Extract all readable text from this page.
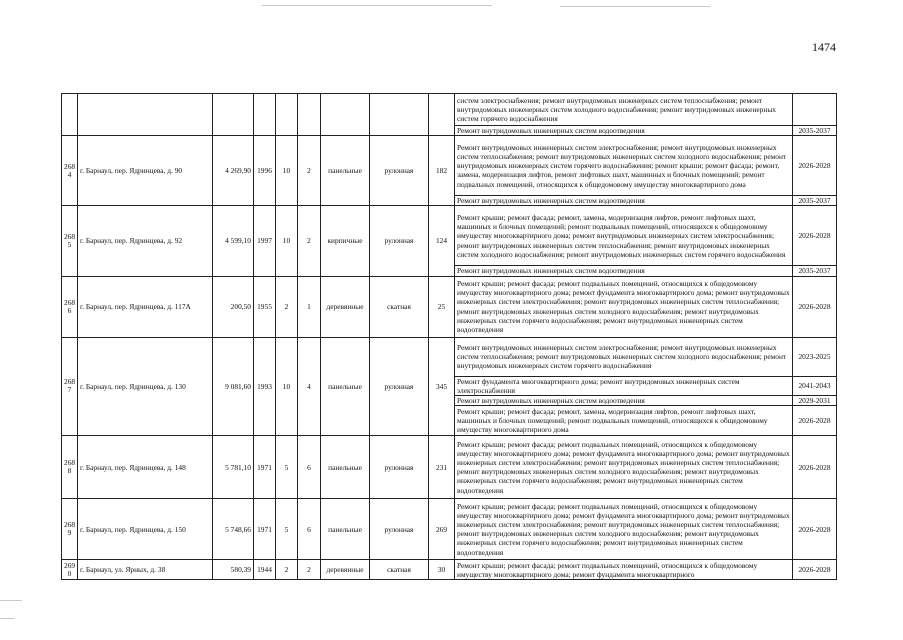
1474
									систем электроснабжения; ремонт внутридомовых инженерных систем теплоснабжения; ремонт внутридомовых инженерных систем холодного водоснабжения; ремонт внутридомовых инженерных систем горячего водоснабжения	
									Ремонт внутридомовых инженерных систем водоотведения	2035-2037

268
4	г. Барнаул, пер. Ядринцева, д. 90	4 269,90	1996	10	2	панельные	рулонная	182	Ремонт внутридомовых инженерных систем электроснабжения; ремонт внутридомовых инженерных систем теплоснабжения; ремонт внутридомовых инженерных систем холодного водоснабжения; ремонт внутридомовых инженерных систем горячего водоснабжения; ремонт крыши; ремонт фасада; ремонт, замена, модернизация лифтов, ремонт лифтовых шахт, машинных и блочных помещений; ремонт подвальных помещений, относящихся к общедомовому имуществу многоквартирного дома	2026-2028
									Ремонт внутридомовых инженерных систем водоотведения	2035-2037

268
5	г. Барнаул, пер. Ядринцева, д. 92	4 599,10	1997	10	2	кирпичные	рулонная	124	Ремонт крыши; ремонт фасада; ремонт, замена, модернизация лифтов, ремонт лифтовых шахт, машинных и блочных помещений; ремонт подвальных помещений, относящихся к общедомовому имуществу многоквартирного дома; ремонт внутридомовых инженерных систем электроснабжения; ремонт внутридомовых инженерных систем теплоснабжения; ремонт внутридомовых инженерных систем холодного водоснабжения; ремонт внутридомовых инженерных систем горячего водоснабжения	2026-2028
									Ремонт внутридомовых инженерных систем водоотведения	2035-2037

268
6	г. Барнаул, пер. Ядринцева, д. 117А	200,50	1955	2	1	деревянные	скатная	25	Ремонт крыши; ремонт фасада; ремонт подвальных помещений, относящихся к общедомовому имуществу многоквартирного дома; ремонт фундамента многоквартирного дома; ремонт внутридомовых инженерных систем электроснабжения; ремонт внутридомовых инженерных систем теплоснабжения; ремонт внутридомовых инженерных систем холодного водоснабжения; ремонт внутридомовых инженерных систем горячего водоснабжения; ремонт внутридомовых инженерных систем водоотведения	2026-2028

268
7	г. Барнаул, пер. Ядринцева, д. 130	9 081,60	1993	10	4	панельные	рулонная	345	Ремонт внутридомовых инженерных систем электроснабжения; ремонт внутридомовых инженерных систем теплоснабжения; ремонт внутридомовых инженерных систем холодного водоснабжения; ремонт внутридомовых инженерных систем горячего водоснабжения	2023-2025
									Ремонт фундамента многоквартирного дома; ремонт внутридомовых инженерных систем электроснабжения	2041-2043
									Ремонт внутридомовых инженерных систем водоотведения	2029-2031
									Ремонт крыши; ремонт фасада; ремонт, замена, модернизация лифтов, ремонт лифтовых шахт, машинных и блочных помещений; ремонт подвальных помещений, относящихся к общедомовому имуществу многоквартирного дома	2026-2028

268
8	г. Барнаул, пер. Ядринцева, д. 148	5 781,10	1971	5	6	панельные	рулонная	231	Ремонт крыши; ремонт фасада; ремонт подвальных помещений, относящихся к общедомовому имуществу многоквартирного дома; ремонт фундамента многоквартирного дома; ремонт внутридомовых инженерных систем электроснабжения; ремонт внутридомовых инженерных систем теплоснабжения; ремонт внутридомовых инженерных систем холодного водоснабжения; ремонт внутридомовых инженерных систем горячего водоснабжения; ремонт внутридомовых инженерных систем водоотведения	2026-2028

268
9	г. Барнаул, пер. Ядринцева, д. 150	5 748,66	1971	5	6	панельные	рулонная	269	Ремонт крыши; ремонт фасада; ремонт подвальных помещений, относящихся к общедомовому имуществу многоквартирного дома; ремонт фундамента многоквартирного дома; ремонт внутридомовых инженерных систем электроснабжения; ремонт внутридомовых инженерных систем теплоснабжения; ремонт внутридомовых инженерных систем холодного водоснабжения; ремонт внутридомовых инженерных систем горячего водоснабжения; ремонт внутридомовых инженерных систем водоотведения	2026-2028

269
0	г. Барнаул, ул. Ярных, д. 38	580,39	1944	2	2	деревянные	скатная	30	Ремонт крыши; ремонт фасада; ремонт подвальных помещений, относящихся к общедомовому имуществу многоквартирного дома; ремонт фундамента многоквартирного	2026-2028
